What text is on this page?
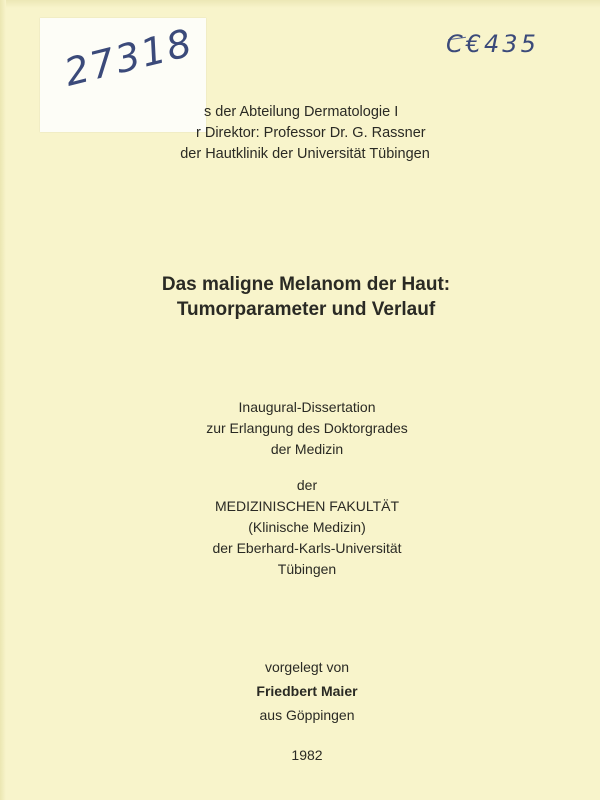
27318	C€435
s der Abteilung Dermatologie I
r Direktor: Professor Dr. G. Rassner
der Hautklinik der Universität Tübingen
Das maligne Melanom der Haut:
Tumorparameter und Verlauf
Inaugural-Dissertation
zur Erlangung des Doktorgrades
der Medizin
der
MEDIZINISCHEN FAKULTÄT
(Klinische Medizin)
der Eberhard-Karls-Universität
Tübingen
vorgelegt von
Friedbert Maier
aus Göppingen
1982
